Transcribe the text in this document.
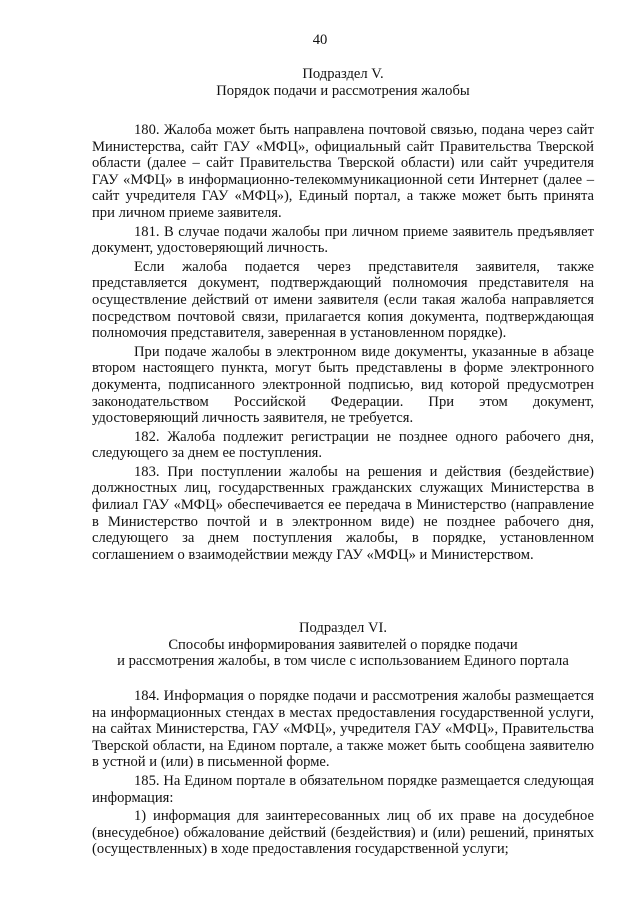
40
Подраздел V.
Порядок подачи и рассмотрения жалобы

180. Жалоба может быть направлена почтовой связью, подана через сайт Министерства, сайт ГАУ «МФЦ», официальный сайт Правительства Тверской области (далее – сайт Правительства Тверской области) или сайт учредителя ГАУ «МФЦ» в информационно-телекоммуникационной сети Интернет (далее – сайт учредителя ГАУ «МФЦ»), Единый портал, а также может быть принята при личном приеме заявителя.

181. В случае подачи жалобы при личном приеме заявитель предъявляет документ, удостоверяющий личность.

Если жалоба подается через представителя заявителя, также представляется документ, подтверждающий полномочия представителя на осуществление действий от имени заявителя (если такая жалоба направляется посредством почтовой связи, прилагается копия документа, подтверждающая полномочия представителя, заверенная в установленном порядке).

При подаче жалобы в электронном виде документы, указанные в абзаце втором настоящего пункта, могут быть представлены в форме электронного документа, подписанного электронной подписью, вид которой предусмотрен законодательством Российской Федерации. При этом документ, удостоверяющий личность заявителя, не требуется.

182. Жалоба подлежит регистрации не позднее одного рабочего дня, следующего за днем ее поступления.

183. При поступлении жалобы на решения и действия (бездействие) должностных лиц, государственных гражданских служащих Министерства в филиал ГАУ «МФЦ» обеспечивается ее передача в Министерство (направление в Министерство почтой и в электронном виде) не позднее рабочего дня, следующего за днем поступления жалобы, в порядке, установленном соглашением о взаимодействии между ГАУ «МФЦ» и Министерством.

Подраздел VI.
Способы информирования заявителей о порядке подачи
и рассмотрения жалобы, в том числе с использованием Единого портала

184. Информация о порядке подачи и рассмотрения жалобы размещается на информационных стендах в местах предоставления государственной услуги, на сайтах Министерства, ГАУ «МФЦ», учредителя ГАУ «МФЦ», Правительства Тверской области, на Едином портале, а также может быть сообщена заявителю в устной и (или) в письменной форме.

185. На Едином портале в обязательном порядке размещается следующая информация:

1) информация для заинтересованных лиц об их праве на досудебное (внесудебное) обжалование действий (бездействия) и (или) решений, принятых (осуществленных) в ходе предоставления государственной услуги;
